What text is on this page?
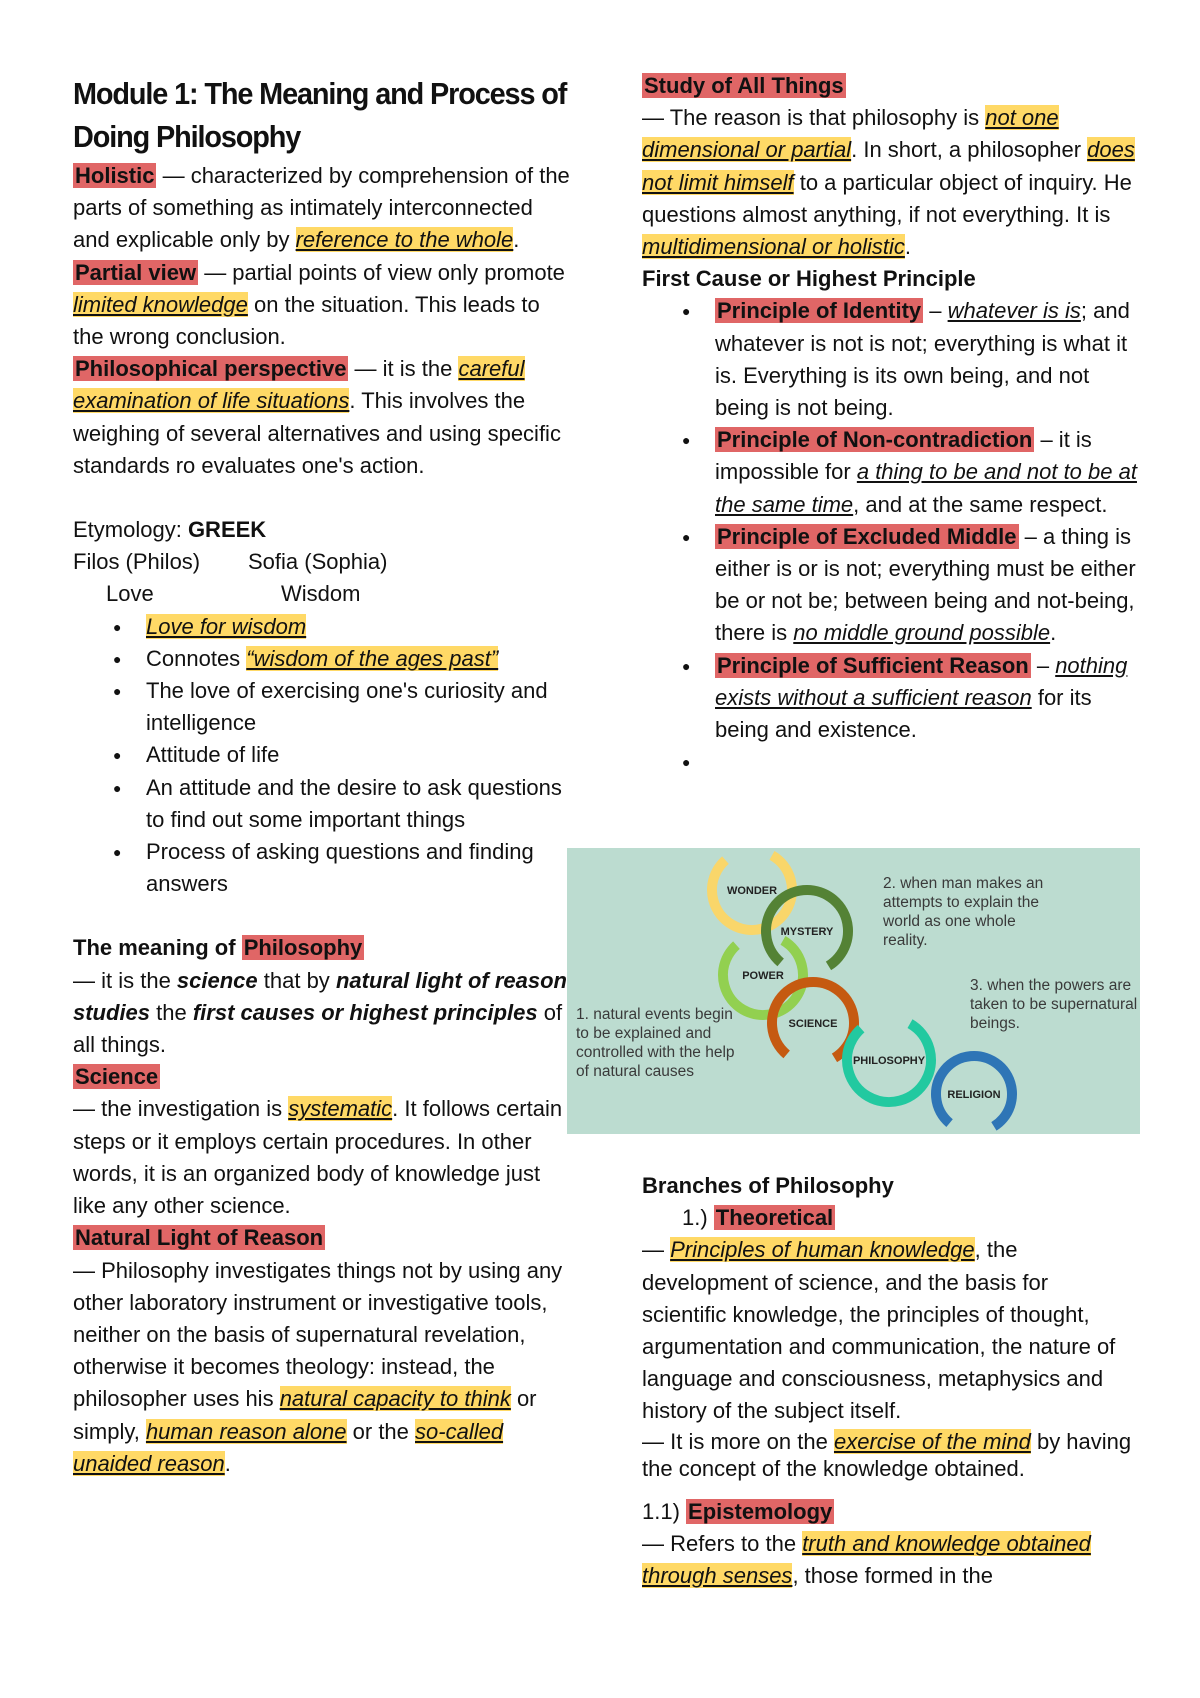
Module 1: The Meaning and Process of Doing Philosophy
Holistic — characterized by comprehension of the parts of something as intimately interconnected and explicable only by reference to the whole.
Partial view — partial points of view only promote limited knowledge on the situation. This leads to the wrong conclusion.
Philosophical perspective — it is the careful examination of life situations. This involves the weighing of several alternatives and using specific standards ro evaluates one's action.
Etymology: GREEK
Filos (Philos)	Sofia (Sophia)
Love	Wisdom
● Love for wisdom
● Connotes “wisdom of the ages past”
● The love of exercising one's curiosity and intelligence
● Attitude of life
● An attitude and the desire to ask questions to find out some important things
● Process of asking questions and finding answers
The meaning of Philosophy
— it is the science that by natural light of reason studies the first causes or highest principles of all things.
Science
— the investigation is systematic. It follows certain steps or it employs certain procedures. In other words, it is an organized body of knowledge just like any other science.
Natural Light of Reason
— Philosophy investigates things not by using any other laboratory instrument or investigative tools, neither on the basis of supernatural revelation, otherwise it becomes theology: instead, the philosopher uses his natural capacity to think or simply, human reason alone or the so-called unaided reason.
Study of All Things
— The reason is that philosophy is not one dimensional or partial. In short, a philosopher does not limit himself to a particular object of inquiry. He questions almost anything, if not everything. It is multidimensional or holistic.
First Cause or Highest Principle
● Principle of Identity – whatever is is; and whatever is not is not; everything is what it is. Everything is its own being, and not being is not being.
● Principle of Non-contradiction – it is impossible for a thing to be and not to be at the same time, and at the same respect.
● Principle of Excluded Middle – a thing is either is or is not; everything must be either be or not be; between being and not-being, there is no middle ground possible.
● Principle of Sufficient Reason – nothing exists without a sufficient reason for its being and existence.
●
WONDER
MYSTERY
POWER
SCIENCE
PHILOSOPHY
RELIGION
2. when man makes an attempts to explain the world as one whole reality.
3. when the powers are taken to be supernatural beings.
1. natural events begin to be explained and controlled with the help of natural causes
Branches of Philosophy
1.) Theoretical
— Principles of human knowledge, the development of science, and the basis for scientific knowledge, the principles of thought, argumentation and communication, the nature of language and consciousness, metaphysics and history of the subject itself.
— It is more on the exercise of the mind by having the concept of the knowledge obtained.
1.1) Epistemology
— Refers to the truth and knowledge obtained through senses, those formed in the
